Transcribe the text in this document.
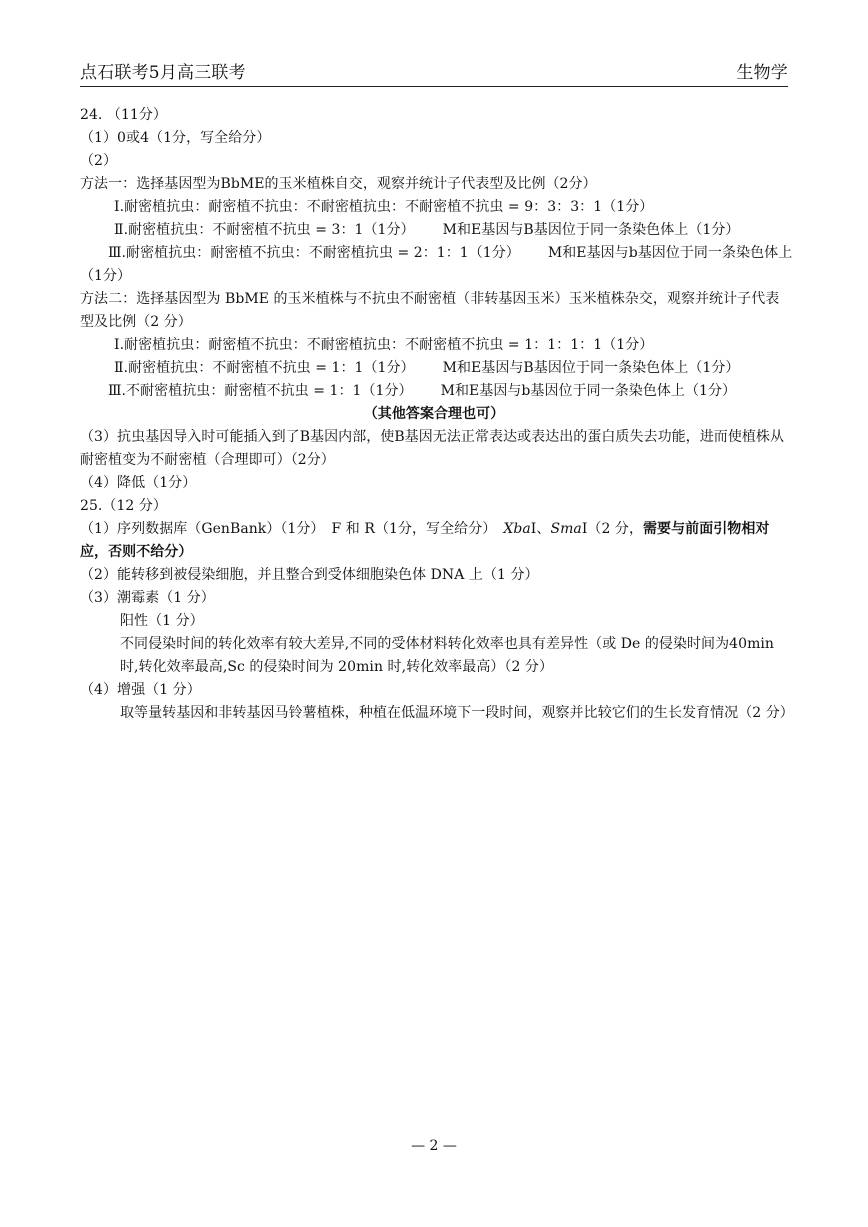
点石联考5月高三联考	生物学
24. （11分）
（1）0或4（1分，写全给分）
（2）
方法一：选择基因型为BbME的玉米植株自交，观察并统计子代表型及比例（2分）
Ⅰ.耐密植抗虫：耐密植不抗虫：不耐密植抗虫：不耐密植不抗虫 = 9：3：3：1（1分）
Ⅱ.耐密植抗虫：不耐密植不抗虫 = 3：1（1分） M和E基因与B基因位于同一条染色体上（1分）
Ⅲ.耐密植抗虫：耐密植不抗虫：不耐密植抗虫 = 2：1：1（1分） M和E基因与b基因位于同一条染色体上
（1分）
方法二：选择基因型为 BbME 的玉米植株与不抗虫不耐密植（非转基因玉米）玉米植株杂交，观察并统计子代表型及比例（2 分）
Ⅰ.耐密植抗虫：耐密植不抗虫：不耐密植抗虫：不耐密植不抗虫 = 1：1：1：1（1分）
Ⅱ.耐密植抗虫：不耐密植不抗虫 = 1：1（1分） M和E基因与B基因位于同一条染色体上（1分）
Ⅲ.不耐密植抗虫：耐密植不抗虫 = 1：1（1分） M和E基因与b基因位于同一条染色体上（1分）
（其他答案合理也可）
（3）抗虫基因导入时可能插入到了B基因内部，使B基因无法正常表达或表达出的蛋白质失去功能，进而使植株从耐密植变为不耐密植（合理即可）（2分）
（4）降低（1分）
25.（12 分）
（1）序列数据库（GenBank）（1分）　F 和 R（1分，写全给分）　XbaⅠ、SmaⅠ（2 分，需要与前面引物相对应，否则不给分）
（2）能转移到被侵染细胞，并且整合到受体细胞染色体 DNA 上（1 分）
（3）潮霉素（1 分）
阳性（1 分）
不同侵染时间的转化效率有较大差异,不同的受体材料转化效率也具有差异性（或 De 的侵染时间为40min 时,转化效率最高,Sc 的侵染时间为 20min 时,转化效率最高）（2 分）
（4）增强（1 分）
取等量转基因和非转基因马铃薯植株，种植在低温环境下一段时间，观察并比较它们的生长发育情况（2 分）
— 2 —
